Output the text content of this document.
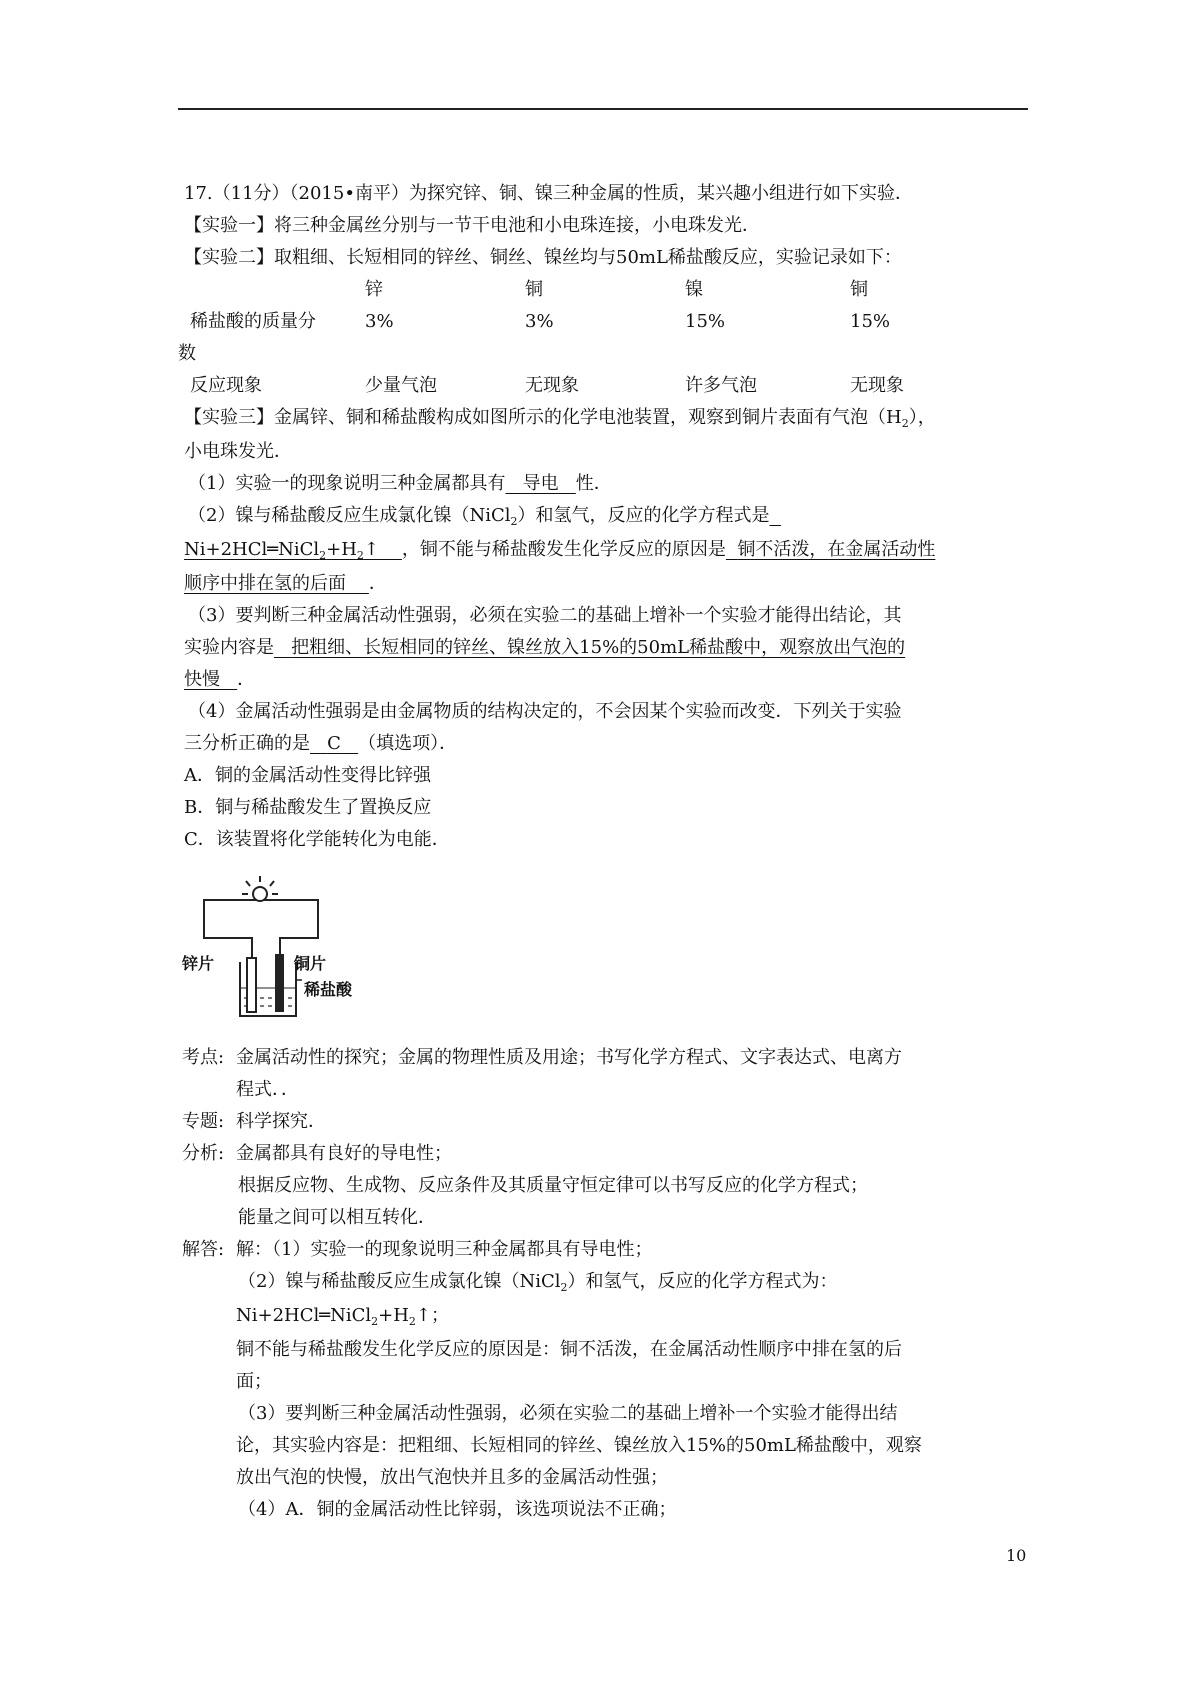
17.（11分）（2015•南平）为探究锌、铜、镍三种金属的性质，某兴趣小组进行如下实验．
【实验一】将三种金属丝分别与一节干电池和小电珠连接，小电珠发光．
【实验二】取粗细、长短相同的锌丝、铜丝、镍丝均与50mL稀盐酸反应，实验记录如下：
	锌	铜	镍	铜
稀盐酸的质量分	3%	3%	15%	15%
数
反应现象	少量气泡	无现象	许多气泡	无现象
【实验三】金属锌、铜和稀盐酸构成如图所示的化学电池装置，观察到铜片表面有气泡$(H_2)$，
小电珠发光．
（1）实验一的现象说明三种金属都具有 导电 性．
（2）镍与稀盐酸反应生成氯化镍（NiCl$_2$）和氢气，反应的化学方程式是
$Ni+2HCl═NiCl_2+H_2↑$ ，铜不能与稀盐酸发生化学反应的原因是 铜不活泼，在金属活动性
顺序中排在氢的后面 ．
（3）要判断三种金属活动性强弱，必须在实验二的基础上增补一个实验才能得出结论，其
实验内容是 把粗细、长短相同的锌丝、镍丝放入15%的50mL稀盐酸中，观察放出气泡的
快慢 ．
（4）金属活动性强弱是由金属物质的结构决定的，不会因某个实验而改变．下列关于实验
三分析正确的是 C （填选项）．
A．铜的金属活动性变得比锌强
B．铜与稀盐酸发生了置换反应
C．该装置将化学能转化为电能．
锌片	铜片
稀盐酸
考点: 金属活动性的探究；金属的物理性质及用途；书写化学方程式、文字表达式、电离方
程式．．
专题: 科学探究．
分析: 金属都具有良好的导电性；
根据反应物、生成物、反应条件及其质量守恒定律可以书写反应的化学方程式；
能量之间可以相互转化．
解答: 解：（1）实验一的现象说明三种金属都具有导电性；
（2）镍与稀盐酸反应生成氯化镍（NiCl$_2$）和氢气，反应的化学方程式为：
$Ni+2HCl═NiCl_2+H_2↑$；
铜不能与稀盐酸发生化学反应的原因是：铜不活泼，在金属活动性顺序中排在氢的后
面；
（3）要判断三种金属活动性强弱，必须在实验二的基础上增补一个实验才能得出结
论，其实验内容是：把粗细、长短相同的锌丝、镍丝放入15%的50mL稀盐酸中，观察
放出气泡的快慢，放出气泡快并且多的金属活动性强；
（4）A．铜的金属活动性比锌弱，该选项说法不正确；
10
